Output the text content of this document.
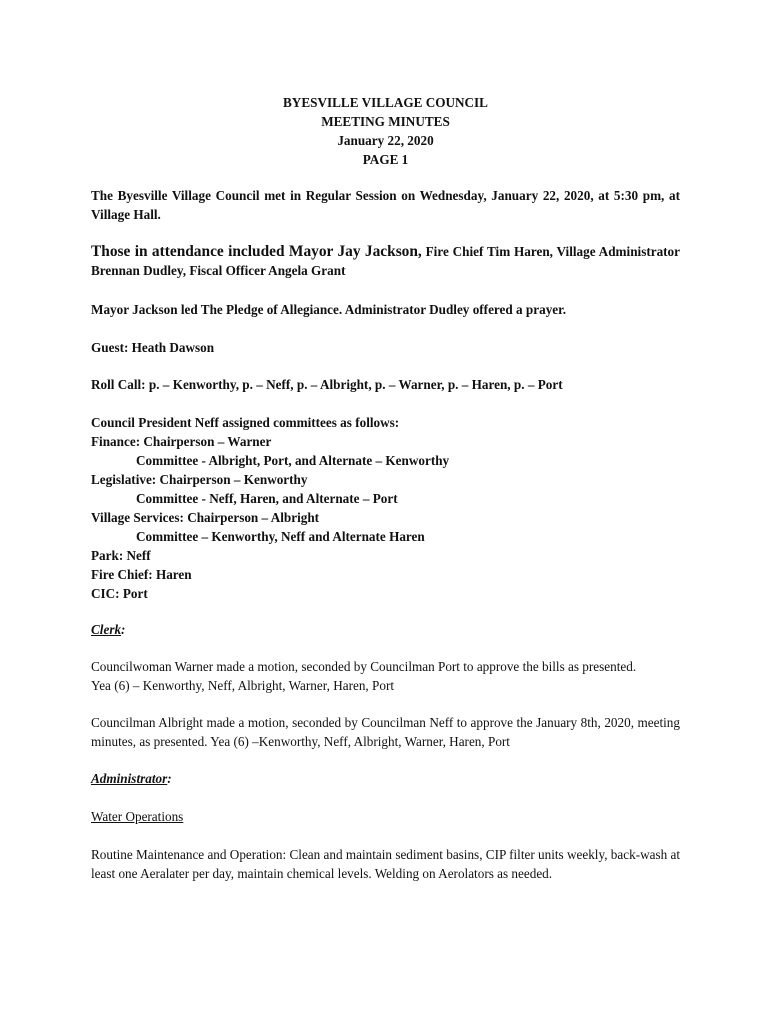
BYESVILLE VILLAGE COUNCIL

MEETING MINUTES

January 22, 2020

PAGE 1

The Byesville Village Council met in Regular Session on Wednesday, January 22, 2020, at 5:30 pm, at Village Hall.

Those in attendance included Mayor Jay Jackson, Fire Chief Tim Haren, Village Administrator Brennan Dudley, Fiscal Officer Angela Grant

Mayor Jackson led The Pledge of Allegiance. Administrator Dudley offered a prayer.

Guest: Heath Dawson

Roll Call: p. – Kenworthy, p. – Neff, p. – Albright, p. – Warner, p. – Haren, p. – Port

Council President Neff assigned committees as follows:

Finance: Chairperson – Warner

Committee - Albright, Port, and Alternate – Kenworthy

Legislative: Chairperson – Kenworthy

Committee - Neff, Haren, and Alternate – Port

Village Services: Chairperson – Albright

Committee – Kenworthy, Neff and Alternate Haren

Park: Neff

Fire Chief: Haren

CIC: Port

Clerk:

Councilwoman Warner made a motion, seconded by Councilman Port to approve the bills as presented.

Yea (6) – Kenworthy, Neff, Albright, Warner, Haren, Port

Councilman Albright made a motion, seconded by Councilman Neff to approve the January 8th, 2020, meeting minutes, as presented. Yea (6) –Kenworthy, Neff, Albright, Warner, Haren, Port

Administrator:

Water Operations

Routine Maintenance and Operation: Clean and maintain sediment basins, CIP filter units weekly, back-wash at least one Aeralater per day, maintain chemical levels. Welding on Aerolators as needed.
